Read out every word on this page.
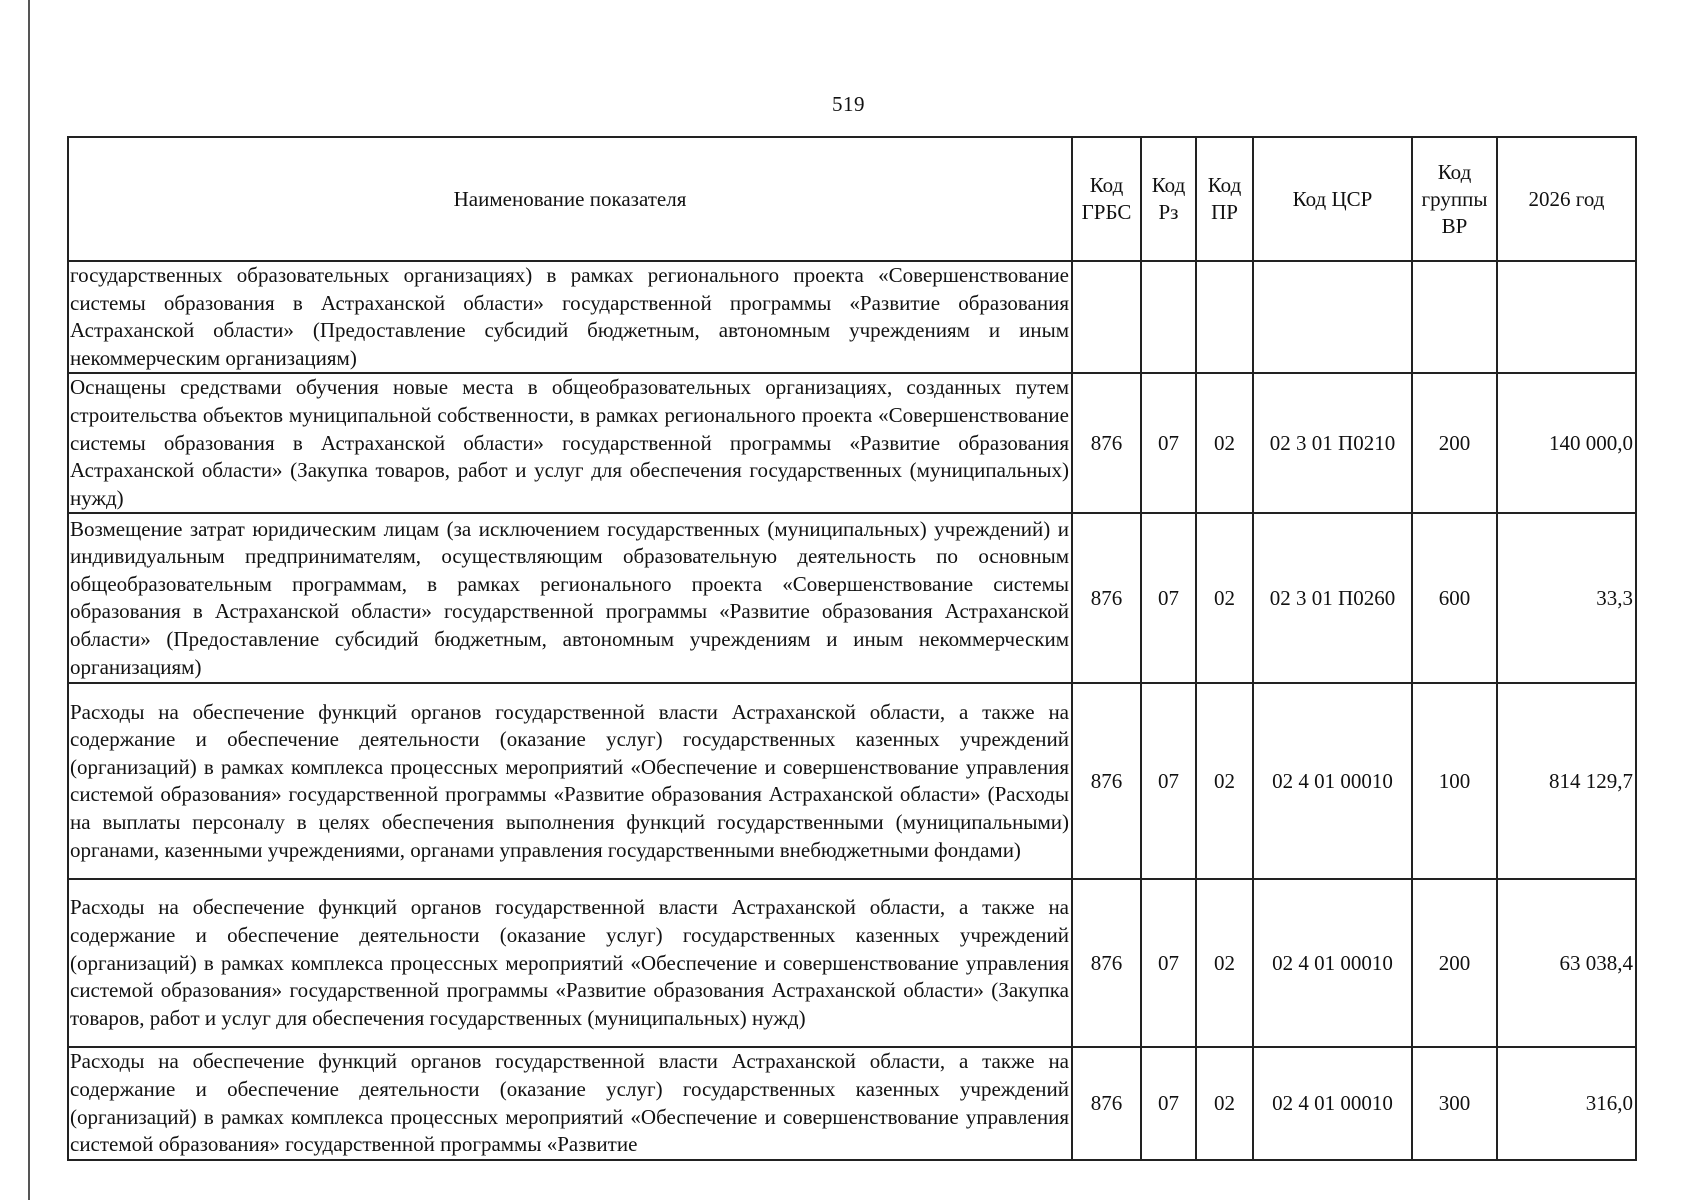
519
Наименование показателя	Код ГРБС	Код Рз	Код ПР	Код ЦСР	Код группы ВР	2026 год
государственных образовательных организациях) в рамках регионального проекта «Совершенствование системы образования в Астраханской области» государственной программы «Развитие образования Астраханской области» (Предоставление субсидий бюджетным, автономным учреждениям и иным некоммерческим организациям)						
Оснащены средствами обучения новые места в общеобразовательных организациях, созданных путем строительства объектов муниципальной собственности, в рамках регионального проекта «Совершенствование системы образования в Астраханской области» государственной программы «Развитие образования Астраханской области» (Закупка товаров, работ и услуг для обеспечения государственных (муниципальных) нужд)	876	07	02	02 3 01 П0210	200	140 000,0
Возмещение затрат юридическим лицам (за исключением государственных (муниципальных) учреждений) и индивидуальным предпринимателям, осуществляющим образовательную деятельность по основным общеобразовательным программам, в рамках регионального проекта «Совершенствование системы образования в Астраханской области» государственной программы «Развитие образования Астраханской области» (Предоставление субсидий бюджетным, автономным учреждениям и иным некоммерческим организациям)	876	07	02	02 3 01 П0260	600	33,3
Расходы на обеспечение функций органов государственной власти Астраханской области, а также на содержание и обеспечение деятельности (оказание услуг) государственных казенных учреждений (организаций) в рамках комплекса процессных мероприятий «Обеспечение и совершенствование управления системой образования» государственной программы «Развитие образования Астраханской области» (Расходы на выплаты персоналу в целях обеспечения выполнения функций государственными (муниципальными) органами, казенными учреждениями, органами управления государственными внебюджетными фондами)	876	07	02	02 4 01 00010	100	814 129,7
Расходы на обеспечение функций органов государственной власти Астраханской области, а также на содержание и обеспечение деятельности (оказание услуг) государственных казенных учреждений (организаций) в рамках комплекса процессных мероприятий «Обеспечение и совершенствование управления системой образования» государственной программы «Развитие образования Астраханской области» (Закупка товаров, работ и услуг для обеспечения государственных (муниципальных) нужд)	876	07	02	02 4 01 00010	200	63 038,4
Расходы на обеспечение функций органов государственной власти Астраханской области, а также на содержание и обеспечение деятельности (оказание услуг) государственных казенных учреждений (организаций) в рамках комплекса процессных мероприятий «Обеспечение и совершенствование управления системой образования» государственной программы «Развитие	876	07	02	02 4 01 00010	300	316,0
